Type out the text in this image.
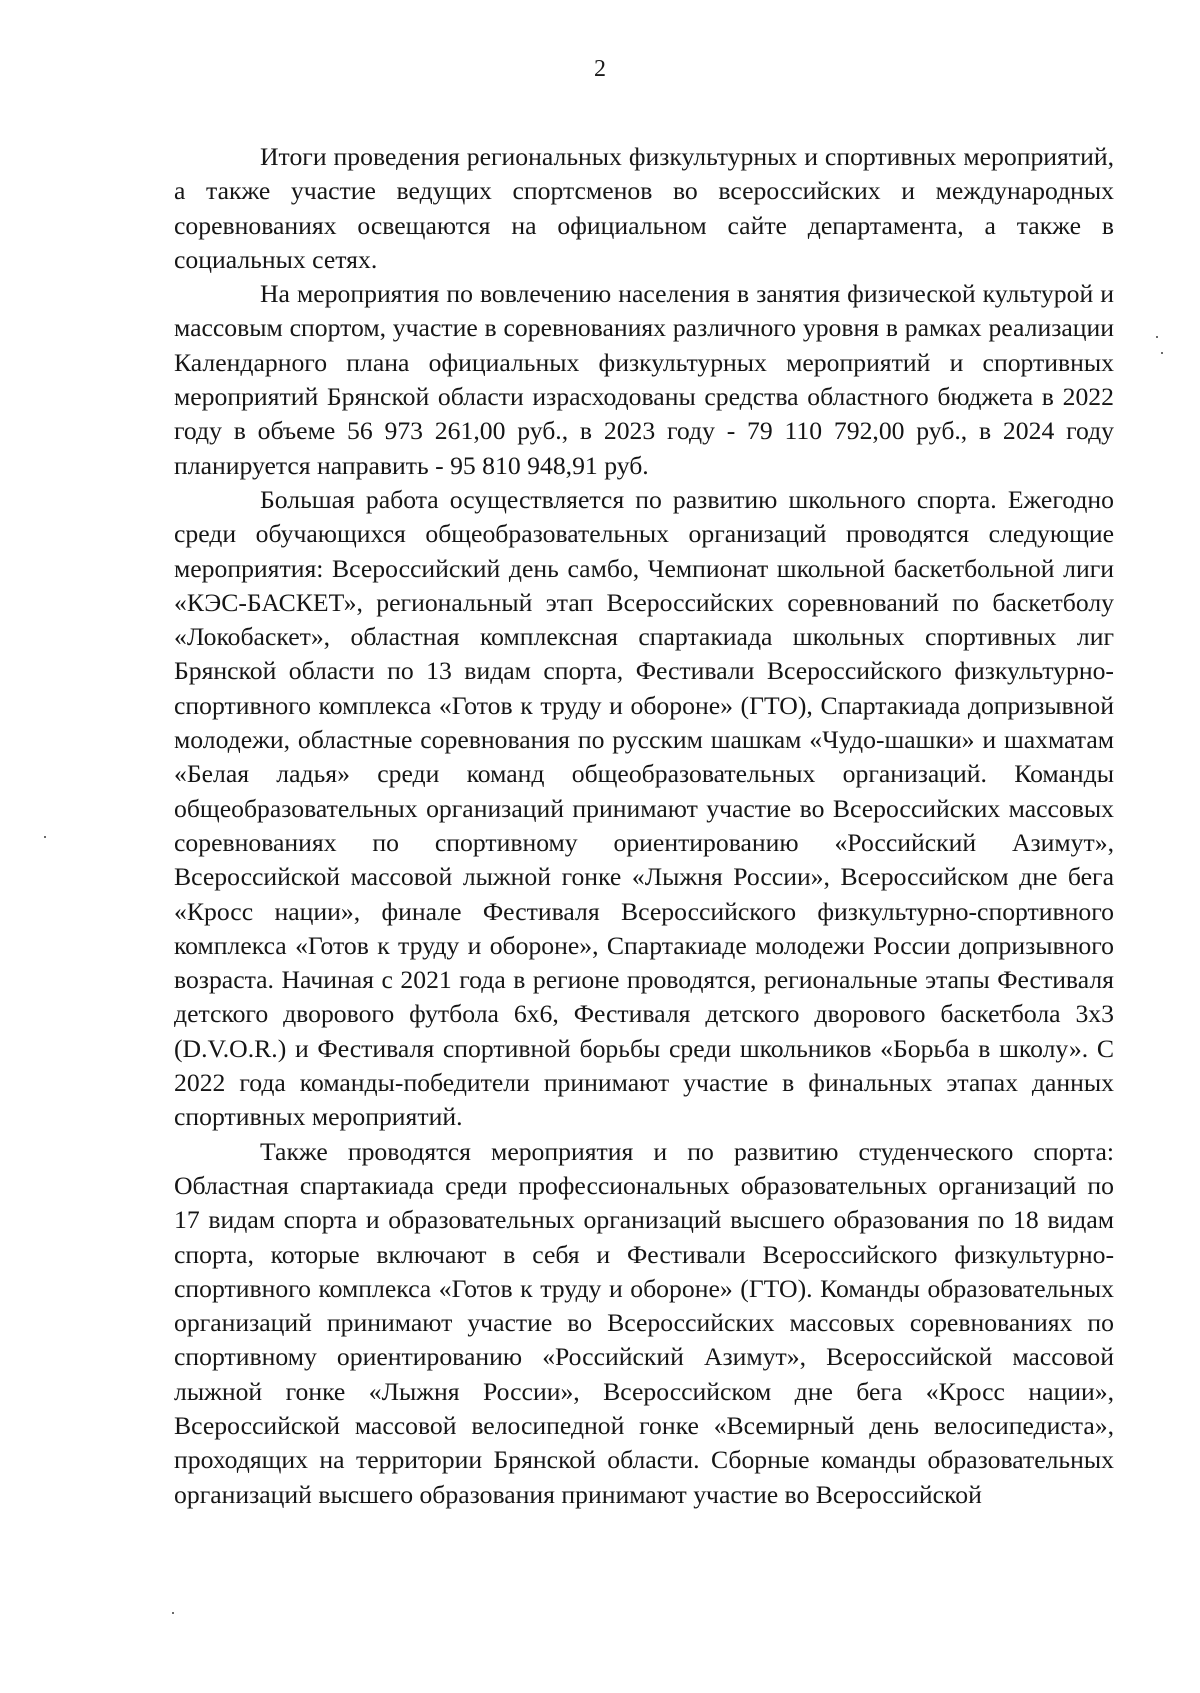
2

Итоги проведения региональных физкультурных и спортивных мероприятий, а также участие ведущих спортсменов во всероссийских и международных соревнованиях освещаются на официальном сайте департамента, а также в социальных сетях.

На мероприятия по вовлечению населения в занятия физической культурой и массовым спортом, участие в соревнованиях различного уровня в рамках реализации Календарного плана официальных физкультурных мероприятий и спортивных мероприятий Брянской области израсходованы средства областного бюджета в 2022 году в объеме 56 973 261,00 руб., в 2023 году - 79 110 792,00 руб., в 2024 году планируется направить - 95 810 948,91 руб.

Большая работа осуществляется по развитию школьного спорта. Ежегодно среди обучающихся общеобразовательных организаций проводятся следующие мероприятия: Всероссийский день самбо, Чемпионат школьной баскетбольной лиги «КЭС-БАСКЕТ», региональный этап Всероссийских соревнований по баскетболу «Локобаскет», областная комплексная спартакиада школьных спортивных лиг Брянской области по 13 видам спорта, Фестивали Всероссийского физкультурно-спортивного комплекса «Готов к труду и обороне» (ГТО), Спартакиада допризывной молодежи, областные соревнования по русским шашкам «Чудо-шашки» и шахматам «Белая ладья» среди команд общеобразовательных организаций. Команды общеобразовательных организаций принимают участие во Всероссийских массовых соревнованиях по спортивному ориентированию «Российский Азимут», Всероссийской массовой лыжной гонке «Лыжня России», Всероссийском дне бега «Кросс нации», финале Фестиваля Всероссийского физкультурно-спортивного комплекса «Готов к труду и обороне», Спартакиаде молодежи России допризывного возраста. Начиная с 2021 года в регионе проводятся, региональные этапы Фестиваля детского дворового футбола 6х6, Фестиваля детского дворового баскетбола 3х3 (D.V.O.R.) и Фестиваля спортивной борьбы среди школьников «Борьба в школу». С 2022 года команды-победители принимают участие в финальных этапах данных спортивных мероприятий.

Также проводятся мероприятия и по развитию студенческого спорта: Областная спартакиада среди профессиональных образовательных организаций по 17 видам спорта и образовательных организаций высшего образования по 18 видам спорта, которые включают в себя и Фестивали Всероссийского физкультурно-спортивного комплекса «Готов к труду и обороне» (ГТО). Команды образовательных организаций принимают участие во Всероссийских массовых соревнованиях по спортивному ориентированию «Российский Азимут», Всероссийской массовой лыжной гонке «Лыжня России», Всероссийском дне бега «Кросс нации», Всероссийской массовой велосипедной гонке «Всемирный день велосипедиста», проходящих на территории Брянской области. Сборные команды образовательных организаций высшего образования принимают участие во Всероссийской
